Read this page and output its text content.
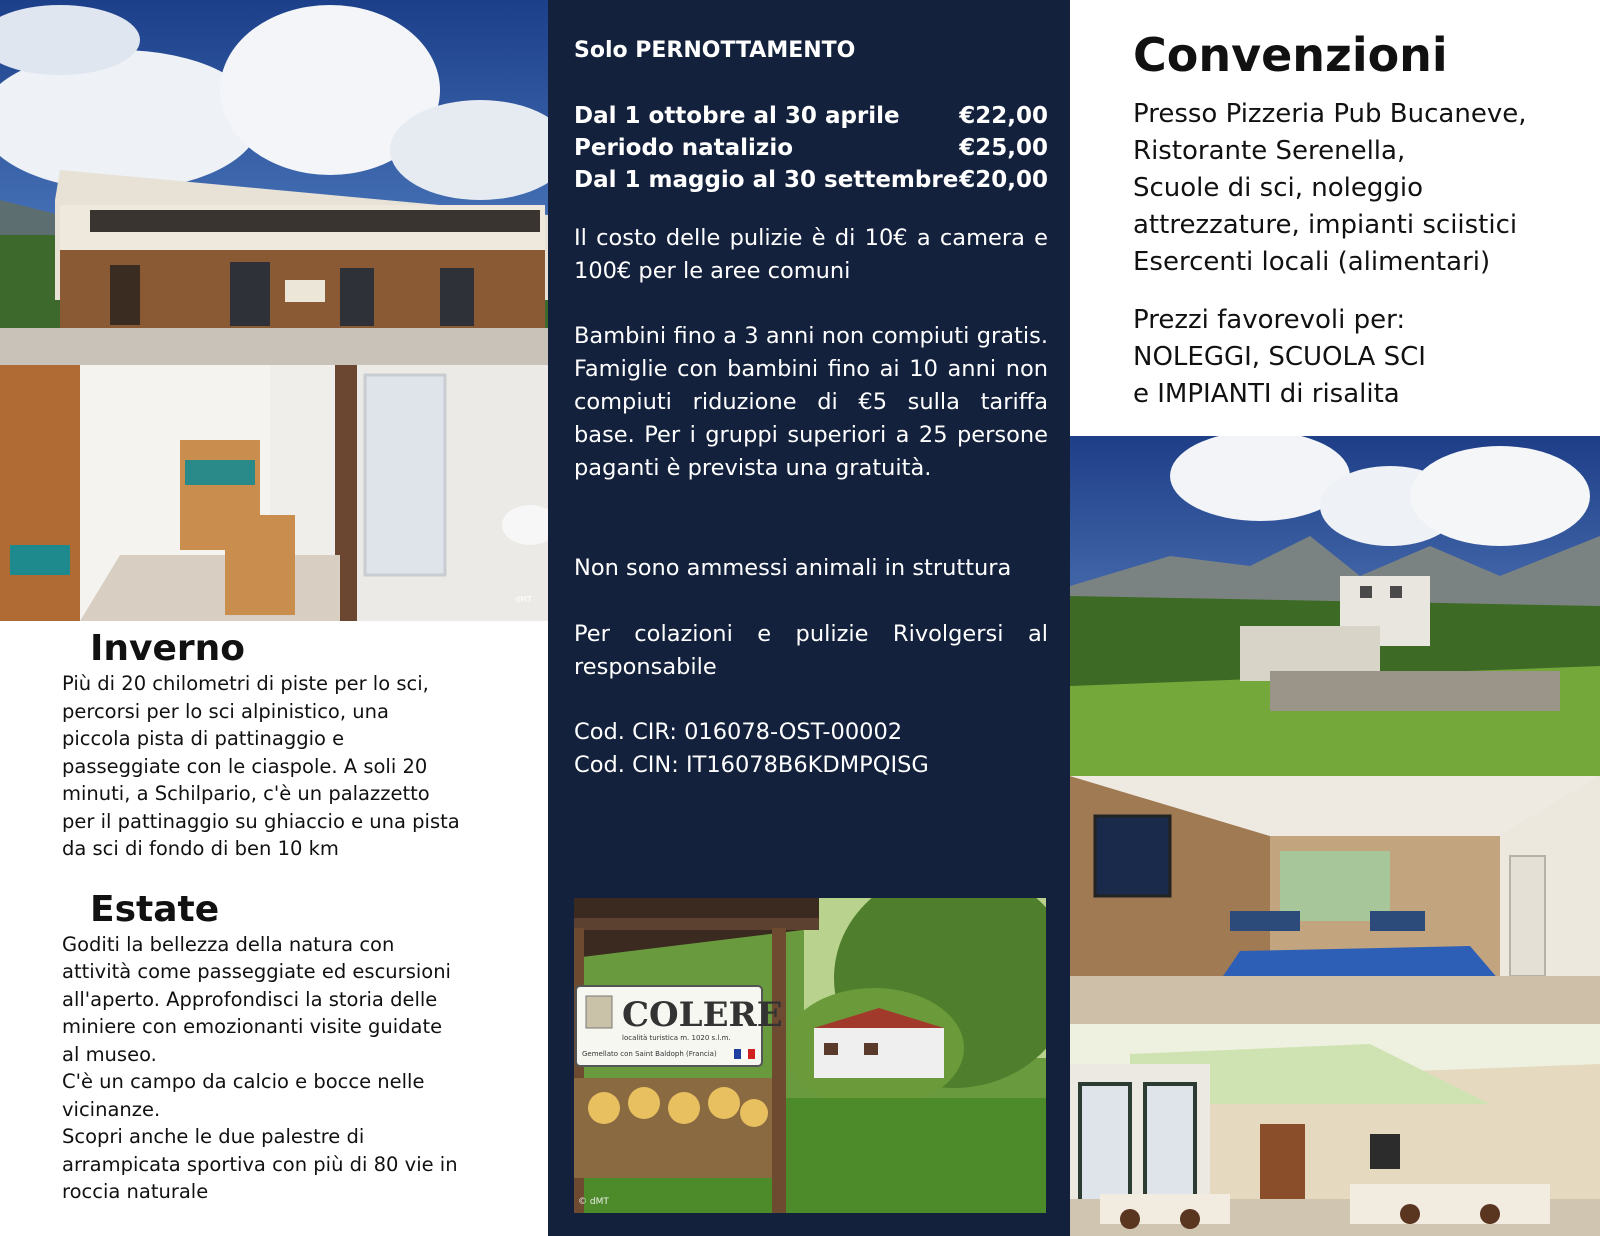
dMT
Inverno
Più di 20 chilometri di piste per lo sci, percorsi per lo sci alpinistico, una piccola pista di pattinaggio e passeggiate con le ciaspole. A soli 20 minuti, a Schilpario, c'è un palazzetto per il pattinaggio su ghiaccio e una pista da sci di fondo di ben 10 km
Estate
Goditi la bellezza della natura con attività come passeggiate ed escursioni all'aperto. Approfondisci la storia delle miniere con emozionanti visite guidate al museo.
C'è un campo da calcio e bocce nelle vicinanze.
Scopri anche le due palestre di arrampicata sportiva con più di 80 vie in roccia naturale
Solo PERNOTTAMENTO
Dal 1 ottobre al 30 aprile	€22,00
Periodo natalizio	€25,00
Dal 1 maggio al 30 settembre €20,00
Il costo delle pulizie è di 10€ a camera e 100€ per le aree comuni
Bambini fino a 3 anni non compiuti gratis. Famiglie con bambini fino ai 10 anni non compiuti riduzione di €5 sulla tariffa base. Per i gruppi superiori a 25 persone paganti è prevista una gratuità.
Non sono ammessi animali in struttura
Per colazioni e pulizie Rivolgersi al responsabile
Cod. CIR: 016078-OST-00002
Cod. CIN: IT16078B6KDMPQISG
COLERE
località turistica m. 1020 s.l.m.
Gemellato con Saint Baldoph (Francia)
© dMT
Convenzioni
Presso Pizzeria Pub Bucaneve,
Ristorante Serenella,
Scuole di sci, noleggio
attrezzature, impianti sciistici
Esercenti locali (alimentari)
Prezzi favorevoli per:
NOLEGGI, SCUOLA SCI
e IMPIANTI di risalita
